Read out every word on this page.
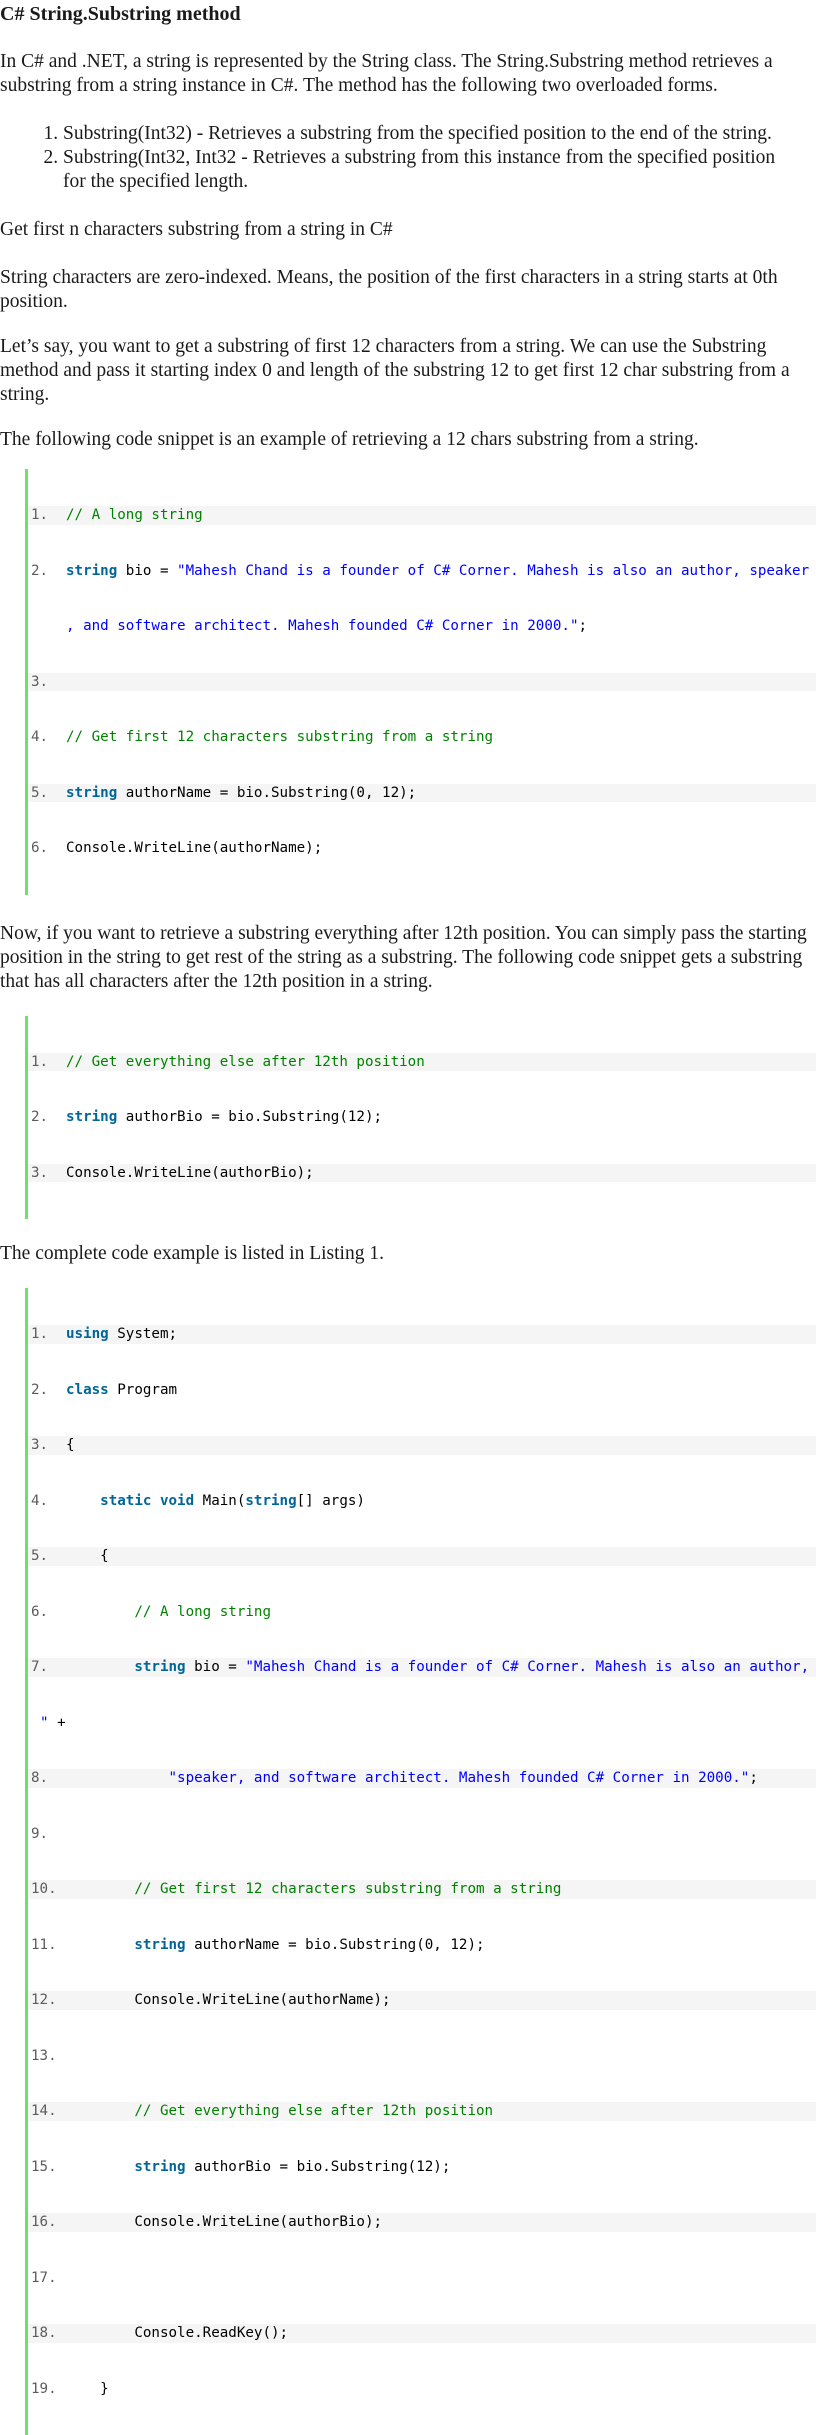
C# String.Substring method

In C# and .NET, a string is represented by the String class. The String.Substring method retrieves a substring from a string instance in C#. The method has the following two overloaded forms.

1. Substring(Int32) - Retrieves a substring from the specified position to the end of the string.
2. Substring(Int32, Int32 - Retrieves a substring from this instance from the specified position for the specified length.

Get first n characters substring from a string in C#

String characters are zero-indexed. Means, the position of the first characters in a string starts at 0th position.

Let’s say, you want to get a substring of first 12 characters from a string. We can use the Substring method and pass it starting index 0 and length of the substring 12 to get first 12 char substring from a string.

The following code snippet is an example of retrieving a 12 chars substring from a string.

1.	// A long string

2.	string bio = "Mahesh Chand is a founder of C# Corner. Mahesh is also an author, speaker

, and software architect. Mahesh founded C# Corner in 2000.";

3.

4.	// Get first 12 characters substring from a string

5.	string authorName = bio.Substring(0, 12);

6.	Console.WriteLine(authorName);

Now, if you want to retrieve a substring everything after 12th position. You can simply pass the starting position in the string to get rest of the string as a substring. The following code snippet gets a substring that has all characters after the 12th position in a string.

1.	// Get everything else after 12th position

2.	string authorBio = bio.Substring(12);

3.	Console.WriteLine(authorBio);

The complete code example is listed in Listing 1.

1.	using System;

2.	class Program

3.	{

4.	static void Main(string[] args)

5.	{

6.	// A long string

7.	string bio = "Mahesh Chand is a founder of C# Corner. Mahesh is also an author,

" +

8.	"speaker, and software architect. Mahesh founded C# Corner in 2000.";

9.

10.	// Get first 12 characters substring from a string

11.	string authorName = bio.Substring(0, 12);

12.	Console.WriteLine(authorName);

13.

14.	// Get everything else after 12th position

15.	string authorBio = bio.Substring(12);

16.	Console.WriteLine(authorBio);

17.

18.	Console.ReadKey();

19.	}
